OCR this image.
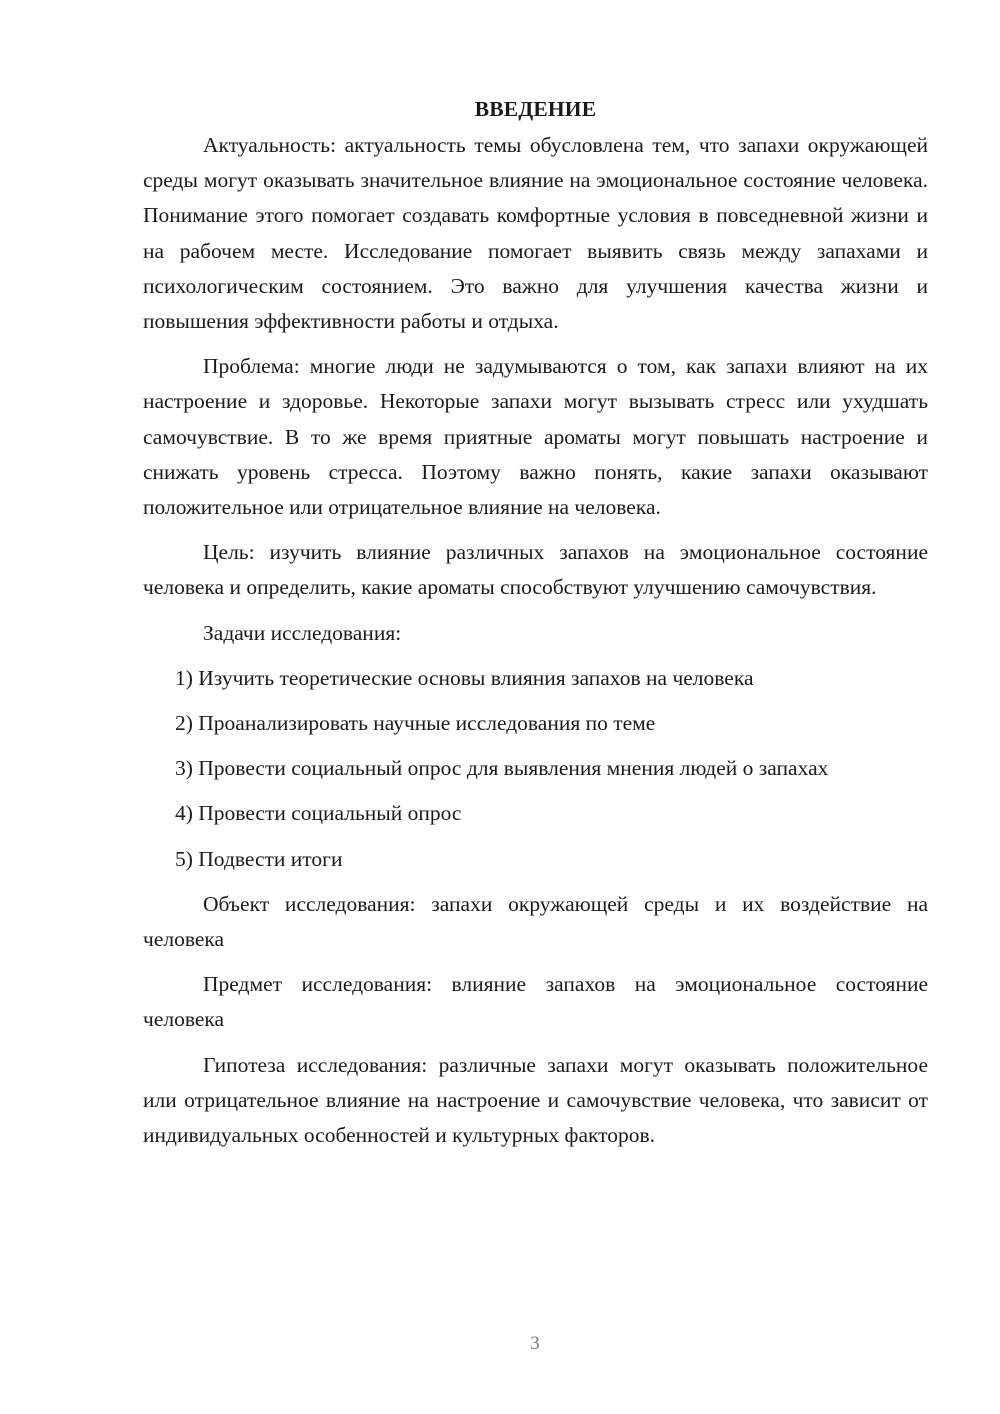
ВВЕДЕНИЕ

Актуальность: актуальность темы обусловлена тем, что запахи окружающей среды могут оказывать значительное влияние на эмоциональное состояние человека. Понимание этого помогает создавать комфортные условия в повседневной жизни и на рабочем месте. Исследование помогает выявить связь между запахами и психологическим состоянием. Это важно для улучшения качества жизни и повышения эффективности работы и отдыха.

Проблема: многие люди не задумываются о том, как запахи влияют на их настроение и здоровье. Некоторые запахи могут вызывать стресс или ухудшать самочувствие. В то же время приятные ароматы могут повышать настроение и снижать уровень стресса. Поэтому важно понять, какие запахи оказывают положительное или отрицательное влияние на человека.

Цель: изучить влияние различных запахов на эмоциональное состояние человека и определить, какие ароматы способствуют улучшению самочувствия.

Задачи исследования:

1) Изучить теоретические основы влияния запахов на человека
2) Проанализировать научные исследования по теме
3) Провести социальный опрос для выявления мнения людей о запахах
4) Провести социальный опрос
5) Подвести итоги

Объект исследования: запахи окружающей среды и их воздействие на человека

Предмет исследования: влияние запахов на эмоциональное состояние человека

Гипотеза исследования: различные запахи могут оказывать положительное или отрицательное влияние на настроение и самочувствие человека, что зависит от индивидуальных особенностей и культурных факторов.

3
